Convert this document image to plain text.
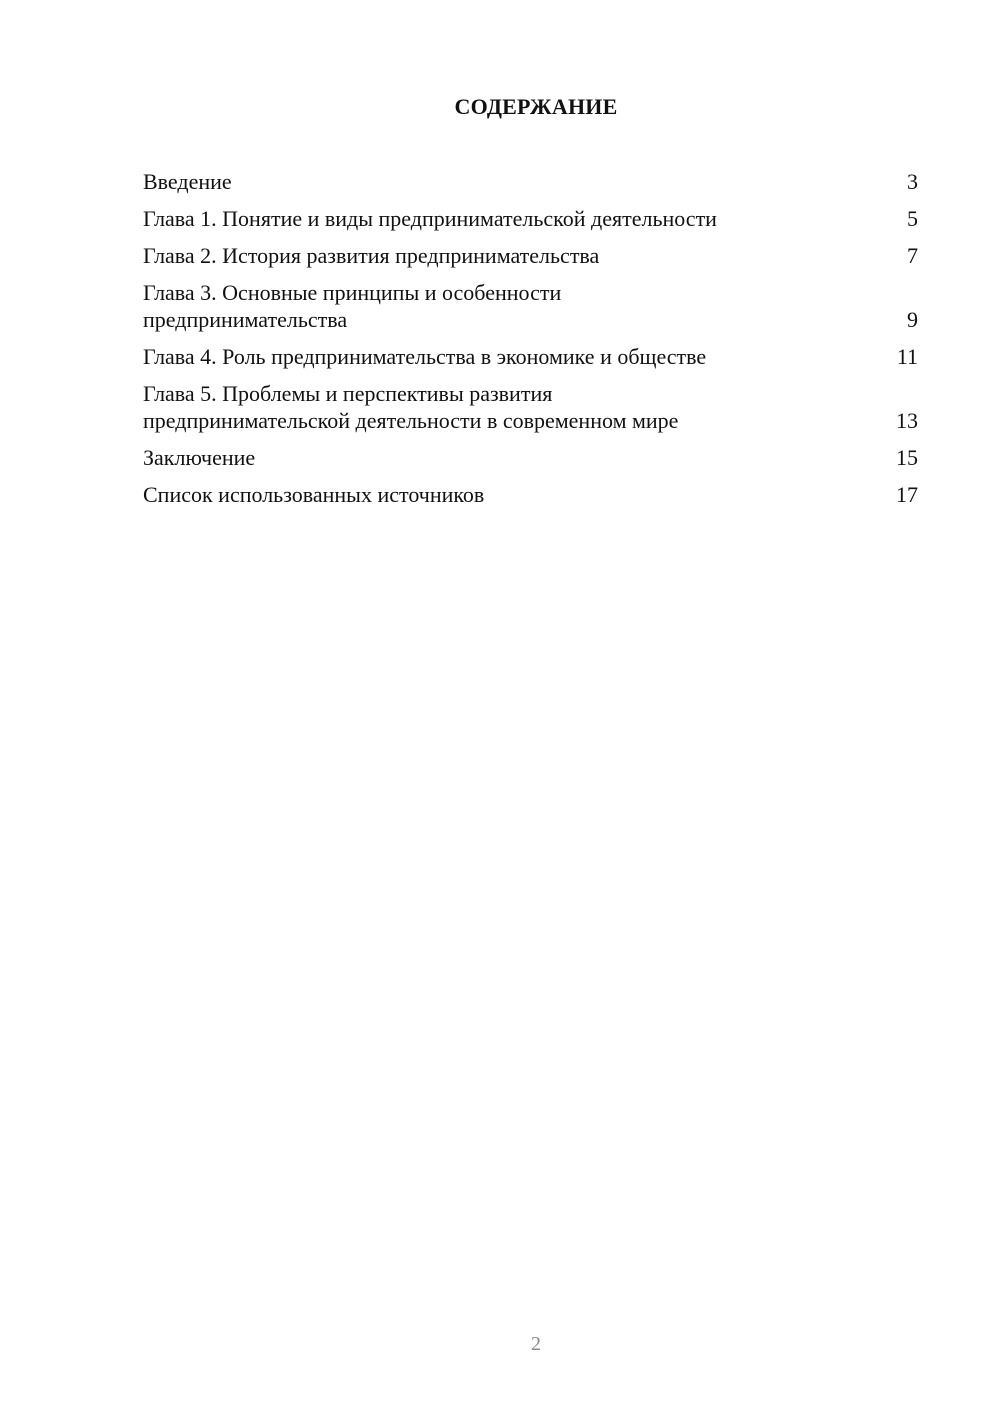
СОДЕРЖАНИЕ
Введение	3
Глава 1. Понятие и виды предпринимательской деятельности	5
Глава 2. История развития предпринимательства	7
Глава 3. Основные принципы и особенности
предпринимательства	9
Глава 4. Роль предпринимательства в экономике и обществе	11
Глава 5. Проблемы и перспективы развития
предпринимательской деятельности в современном мире	13
Заключение	15
Список использованных источников	17
2
